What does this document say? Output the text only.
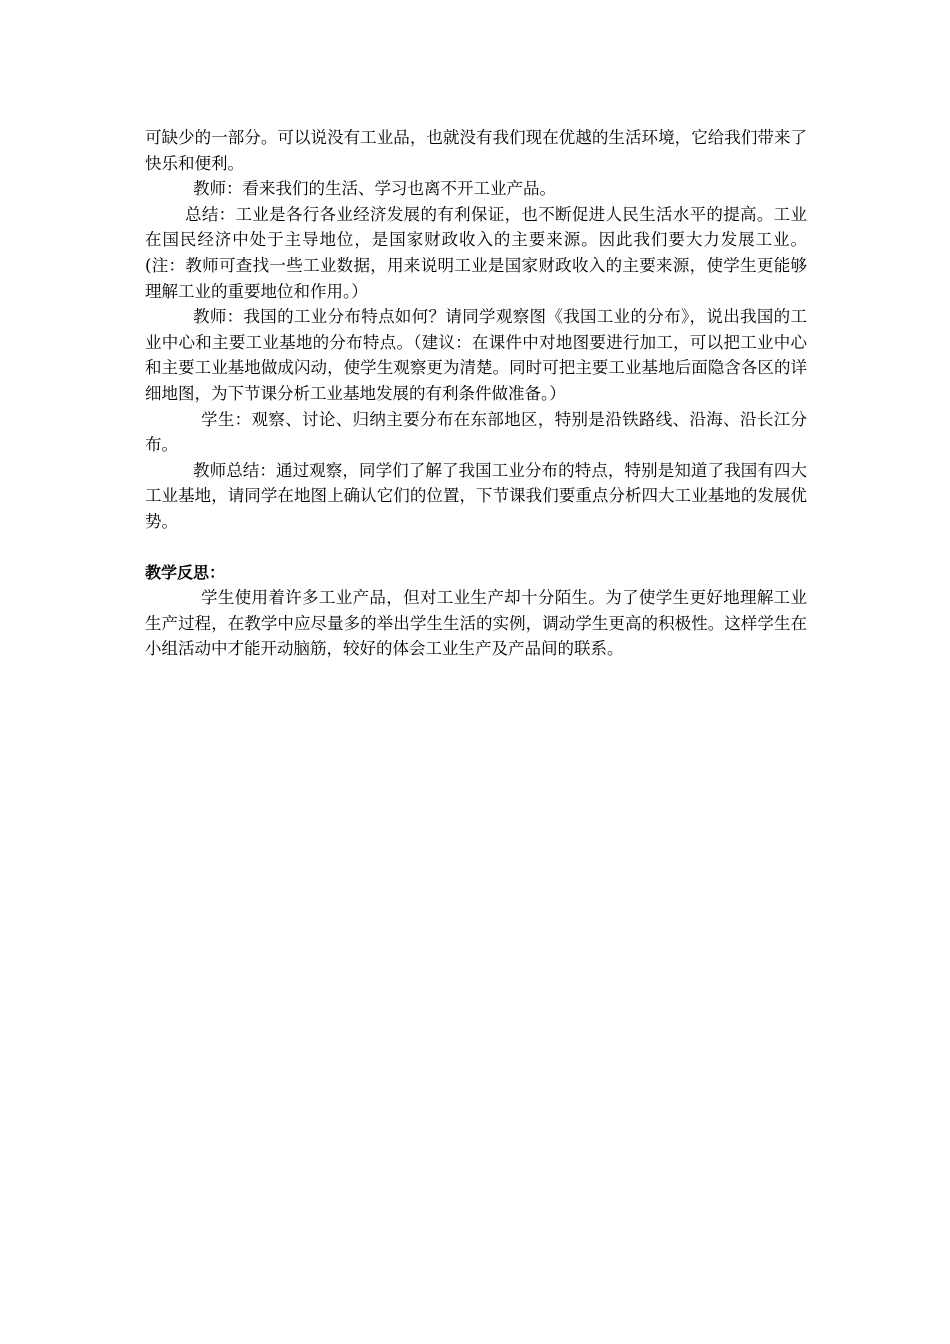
可缺少的一部分。可以说没有工业品，也就没有我们现在优越的生活环境，它给我们带来了快乐和便利。

教师：看来我们的生活、学习也离不开工业产品。

总结：工业是各行各业经济发展的有利保证，也不断促进人民生活水平的提高。工业在国民经济中处于主导地位，是国家财政收入的主要来源。因此我们要大力发展工业。(注：教师可查找一些工业数据，用来说明工业是国家财政收入的主要来源，使学生更能够理解工业的重要地位和作用。）

教师：我国的工业分布特点如何？请同学观察图《我国工业的分布》，说出我国的工业中心和主要工业基地的分布特点。（建议：在课件中对地图要进行加工，可以把工业中心和主要工业基地做成闪动，使学生观察更为清楚。同时可把主要工业基地后面隐含各区的详细地图，为下节课分析工业基地发展的有利条件做准备。）

学生：观察、讨论、归纳主要分布在东部地区，特别是沿铁路线、沿海、沿长江分布。

教师总结：通过观察，同学们了解了我国工业分布的特点，特别是知道了我国有四大工业基地，请同学在地图上确认它们的位置，下节课我们要重点分析四大工业基地的发展优势。

教学反思：

学生使用着许多工业产品，但对工业生产却十分陌生。为了使学生更好地理解工业生产过程，在教学中应尽量多的举出学生生活的实例，调动学生更高的积极性。这样学生在小组活动中才能开动脑筋，较好的体会工业生产及产品间的联系。
